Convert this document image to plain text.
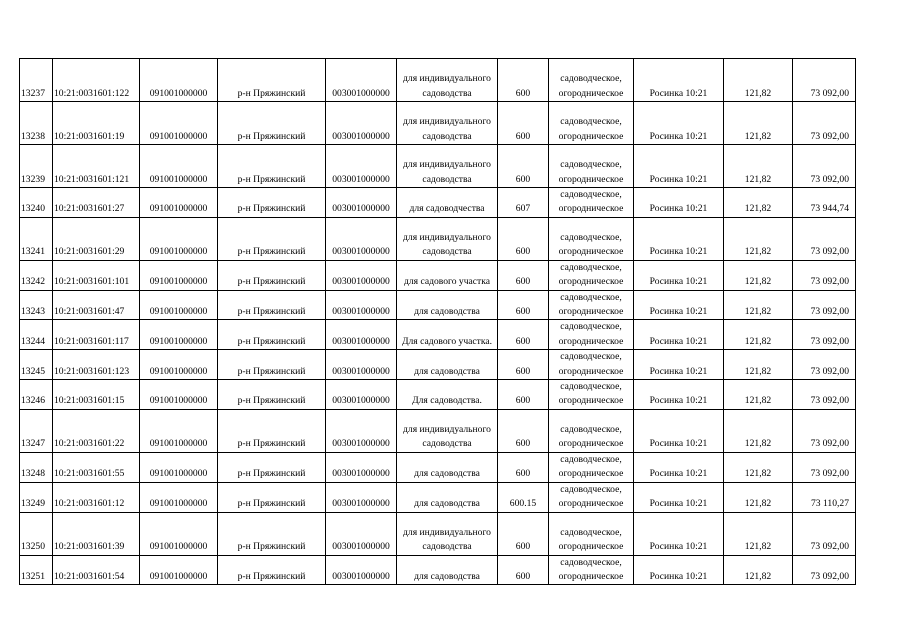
13237	10:21:0031601:122	091001000000	р-н Пряжинский	003001000000	для индивидуального садоводства	600	садоводческое, огородническое	Росинка 10:21	121,82	73 092,00
13238	10:21:0031601:19	091001000000	р-н Пряжинский	003001000000	для индивидуального садоводства	600	садоводческое, огородническое	Росинка 10:21	121,82	73 092,00
13239	10:21:0031601:121	091001000000	р-н Пряжинский	003001000000	для индивидуального садоводства	600	садоводческое, огородническое	Росинка 10:21	121,82	73 092,00
13240	10:21:0031601:27	091001000000	р-н Пряжинский	003001000000	для садоводчества	607	садоводческое, огородническое	Росинка 10:21	121,82	73 944,74
13241	10:21:0031601:29	091001000000	р-н Пряжинский	003001000000	для индивидуального садоводства	600	садоводческое, огородническое	Росинка 10:21	121,82	73 092,00
13242	10:21:0031601:101	091001000000	р-н Пряжинский	003001000000	для садового участка	600	садоводческое, огородническое	Росинка 10:21	121,82	73 092,00
13243	10:21:0031601:47	091001000000	р-н Пряжинский	003001000000	для садоводства	600	садоводческое, огородническое	Росинка 10:21	121,82	73 092,00
13244	10:21:0031601:117	091001000000	р-н Пряжинский	003001000000	Для садового участка.	600	садоводческое, огородническое	Росинка 10:21	121,82	73 092,00
13245	10:21:0031601:123	091001000000	р-н Пряжинский	003001000000	для садоводства	600	садоводческое, огородническое	Росинка 10:21	121,82	73 092,00
13246	10:21:0031601:15	091001000000	р-н Пряжинский	003001000000	Для садоводства.	600	садоводческое, огородническое	Росинка 10:21	121,82	73 092,00
13247	10:21:0031601:22	091001000000	р-н Пряжинский	003001000000	для индивидуального садоводства	600	садоводческое, огородническое	Росинка 10:21	121,82	73 092,00
13248	10:21:0031601:55	091001000000	р-н Пряжинский	003001000000	для садоводства	600	садоводческое, огородническое	Росинка 10:21	121,82	73 092,00
13249	10:21:0031601:12	091001000000	р-н Пряжинский	003001000000	для садоводства	600.15	садоводческое, огородническое	Росинка 10:21	121,82	73 110,27
13250	10:21:0031601:39	091001000000	р-н Пряжинский	003001000000	для индивидуального садоводства	600	садоводческое, огородническое	Росинка 10:21	121,82	73 092,00
13251	10:21:0031601:54	091001000000	р-н Пряжинский	003001000000	для садоводства	600	садоводческое, огородническое	Росинка 10:21	121,82	73 092,00
